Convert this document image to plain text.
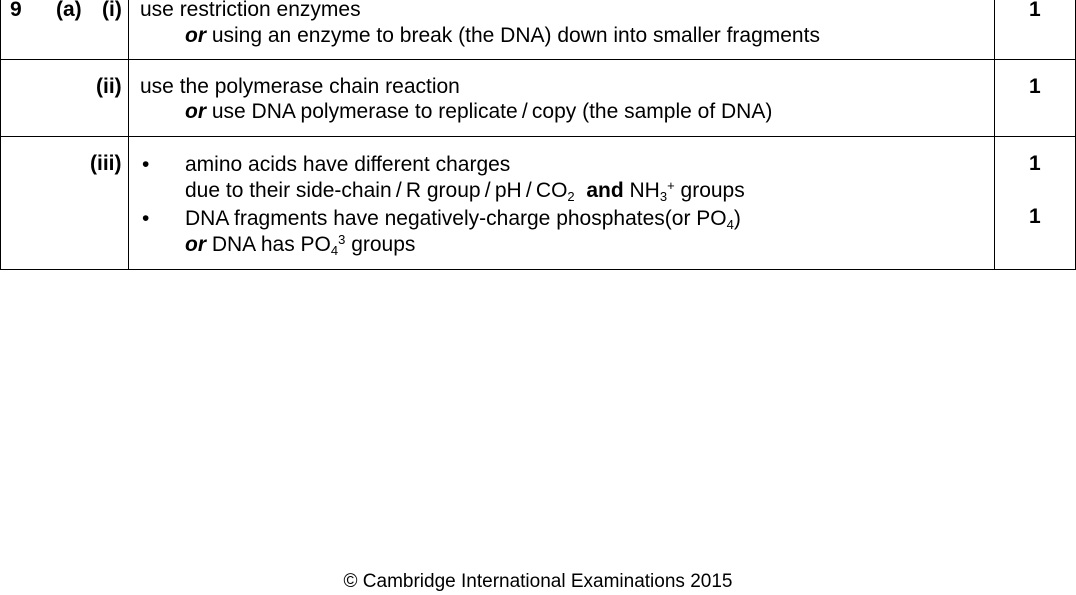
9 (a) (i) use restriction enzymes
or using an enzyme to break (the DNA) down into smaller fragments
1
(ii) use the polymerase chain reaction
or use DNA polymerase to replicate / copy (the sample of DNA)
1
(iii) • amino acids have different charges
due to their side-chain / R group / pH / $CO_2$ and $NH_3^+$ groups
• DNA fragments have negatively-charge phosphates(or $PO_4$)
or DNA has $PO_4^3$ groups
1
1
© Cambridge International Examinations 2015
